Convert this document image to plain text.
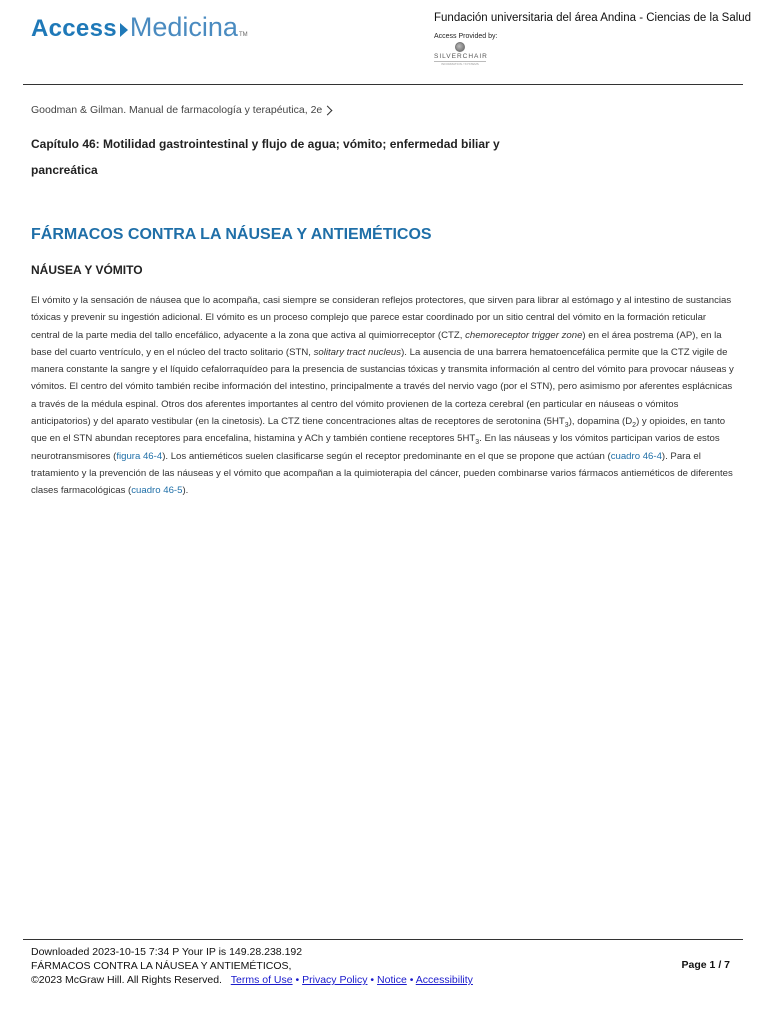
Access Medicina TM
Fundación universitaria del área Andina - Ciencias de la Salud
Access Provided by:
SILVERCHAIR
INFORMATION / SYSTEMS
Goodman & Gilman. Manual de farmacología y terapéutica, 2e
Capítulo 46: Motilidad gastrointestinal y flujo de agua; vómito; enfermedad biliar y pancreática
FÁRMACOS CONTRA LA NÁUSEA Y ANTIEMÉTICOS
NÁUSEA Y VÓMITO

El vómito y la sensación de náusea que lo acompaña, casi siempre se consideran reflejos protectores, que sirven para librar al estómago y al intestino de sustancias tóxicas y prevenir su ingestión adicional. El vómito es un proceso complejo que parece estar coordinado por un sitio central del vómito en la formación reticular central de la parte media del tallo encefálico, adyacente a la zona que activa al quimiorreceptor (CTZ, chemoreceptor trigger zone) en el área postrema (AP), en la base del cuarto ventrículo, y en el núcleo del tracto solitario (STN, solitary tract nucleus). La ausencia de una barrera hematoencefálica permite que la CTZ vigile de manera constante la sangre y el líquido cefalorraquídeo para la presencia de sustancias tóxicas y transmita información al centro del vómito para provocar náuseas y vómitos. El centro del vómito también recibe información del intestino, principalmente a través del nervio vago (por el STN), pero asimismo por aferentes esplácnicas a través de la médula espinal. Otros dos aferentes importantes al centro del vómito provienen de la corteza cerebral (en particular en náuseas o vómitos anticipatorios) y del aparato vestibular (en la cinetosis). La CTZ tiene concentraciones altas de receptores de serotonina $(5HT_3)$, dopamina $(D_2)$ y opioides, en tanto que en el STN abundan receptores para encefalina, histamina y ACh y también contiene receptores $5HT_3$. En las náuseas y los vómitos participan varios de estos neurotransmisores (figura 46-4). Los antieméticos suelen clasificarse según el receptor predominante en el que se propone que actúan (cuadro 46-4). Para el tratamiento y la prevención de las náuseas y el vómito que acompañan a la quimioterapia del cáncer, pueden combinarse varios fármacos antieméticos de diferentes clases farmacológicas (cuadro 46-5).

Downloaded 2023-10-15 7:34 P Your IP is 149.28.238.192
FÁRMACOS CONTRA LA NÁUSEA Y ANTIEMÉTICOS,
©2023 McGraw Hill. All Rights Reserved. Terms of Use • Privacy Policy • Notice • Accessibility
Page 1 / 7
